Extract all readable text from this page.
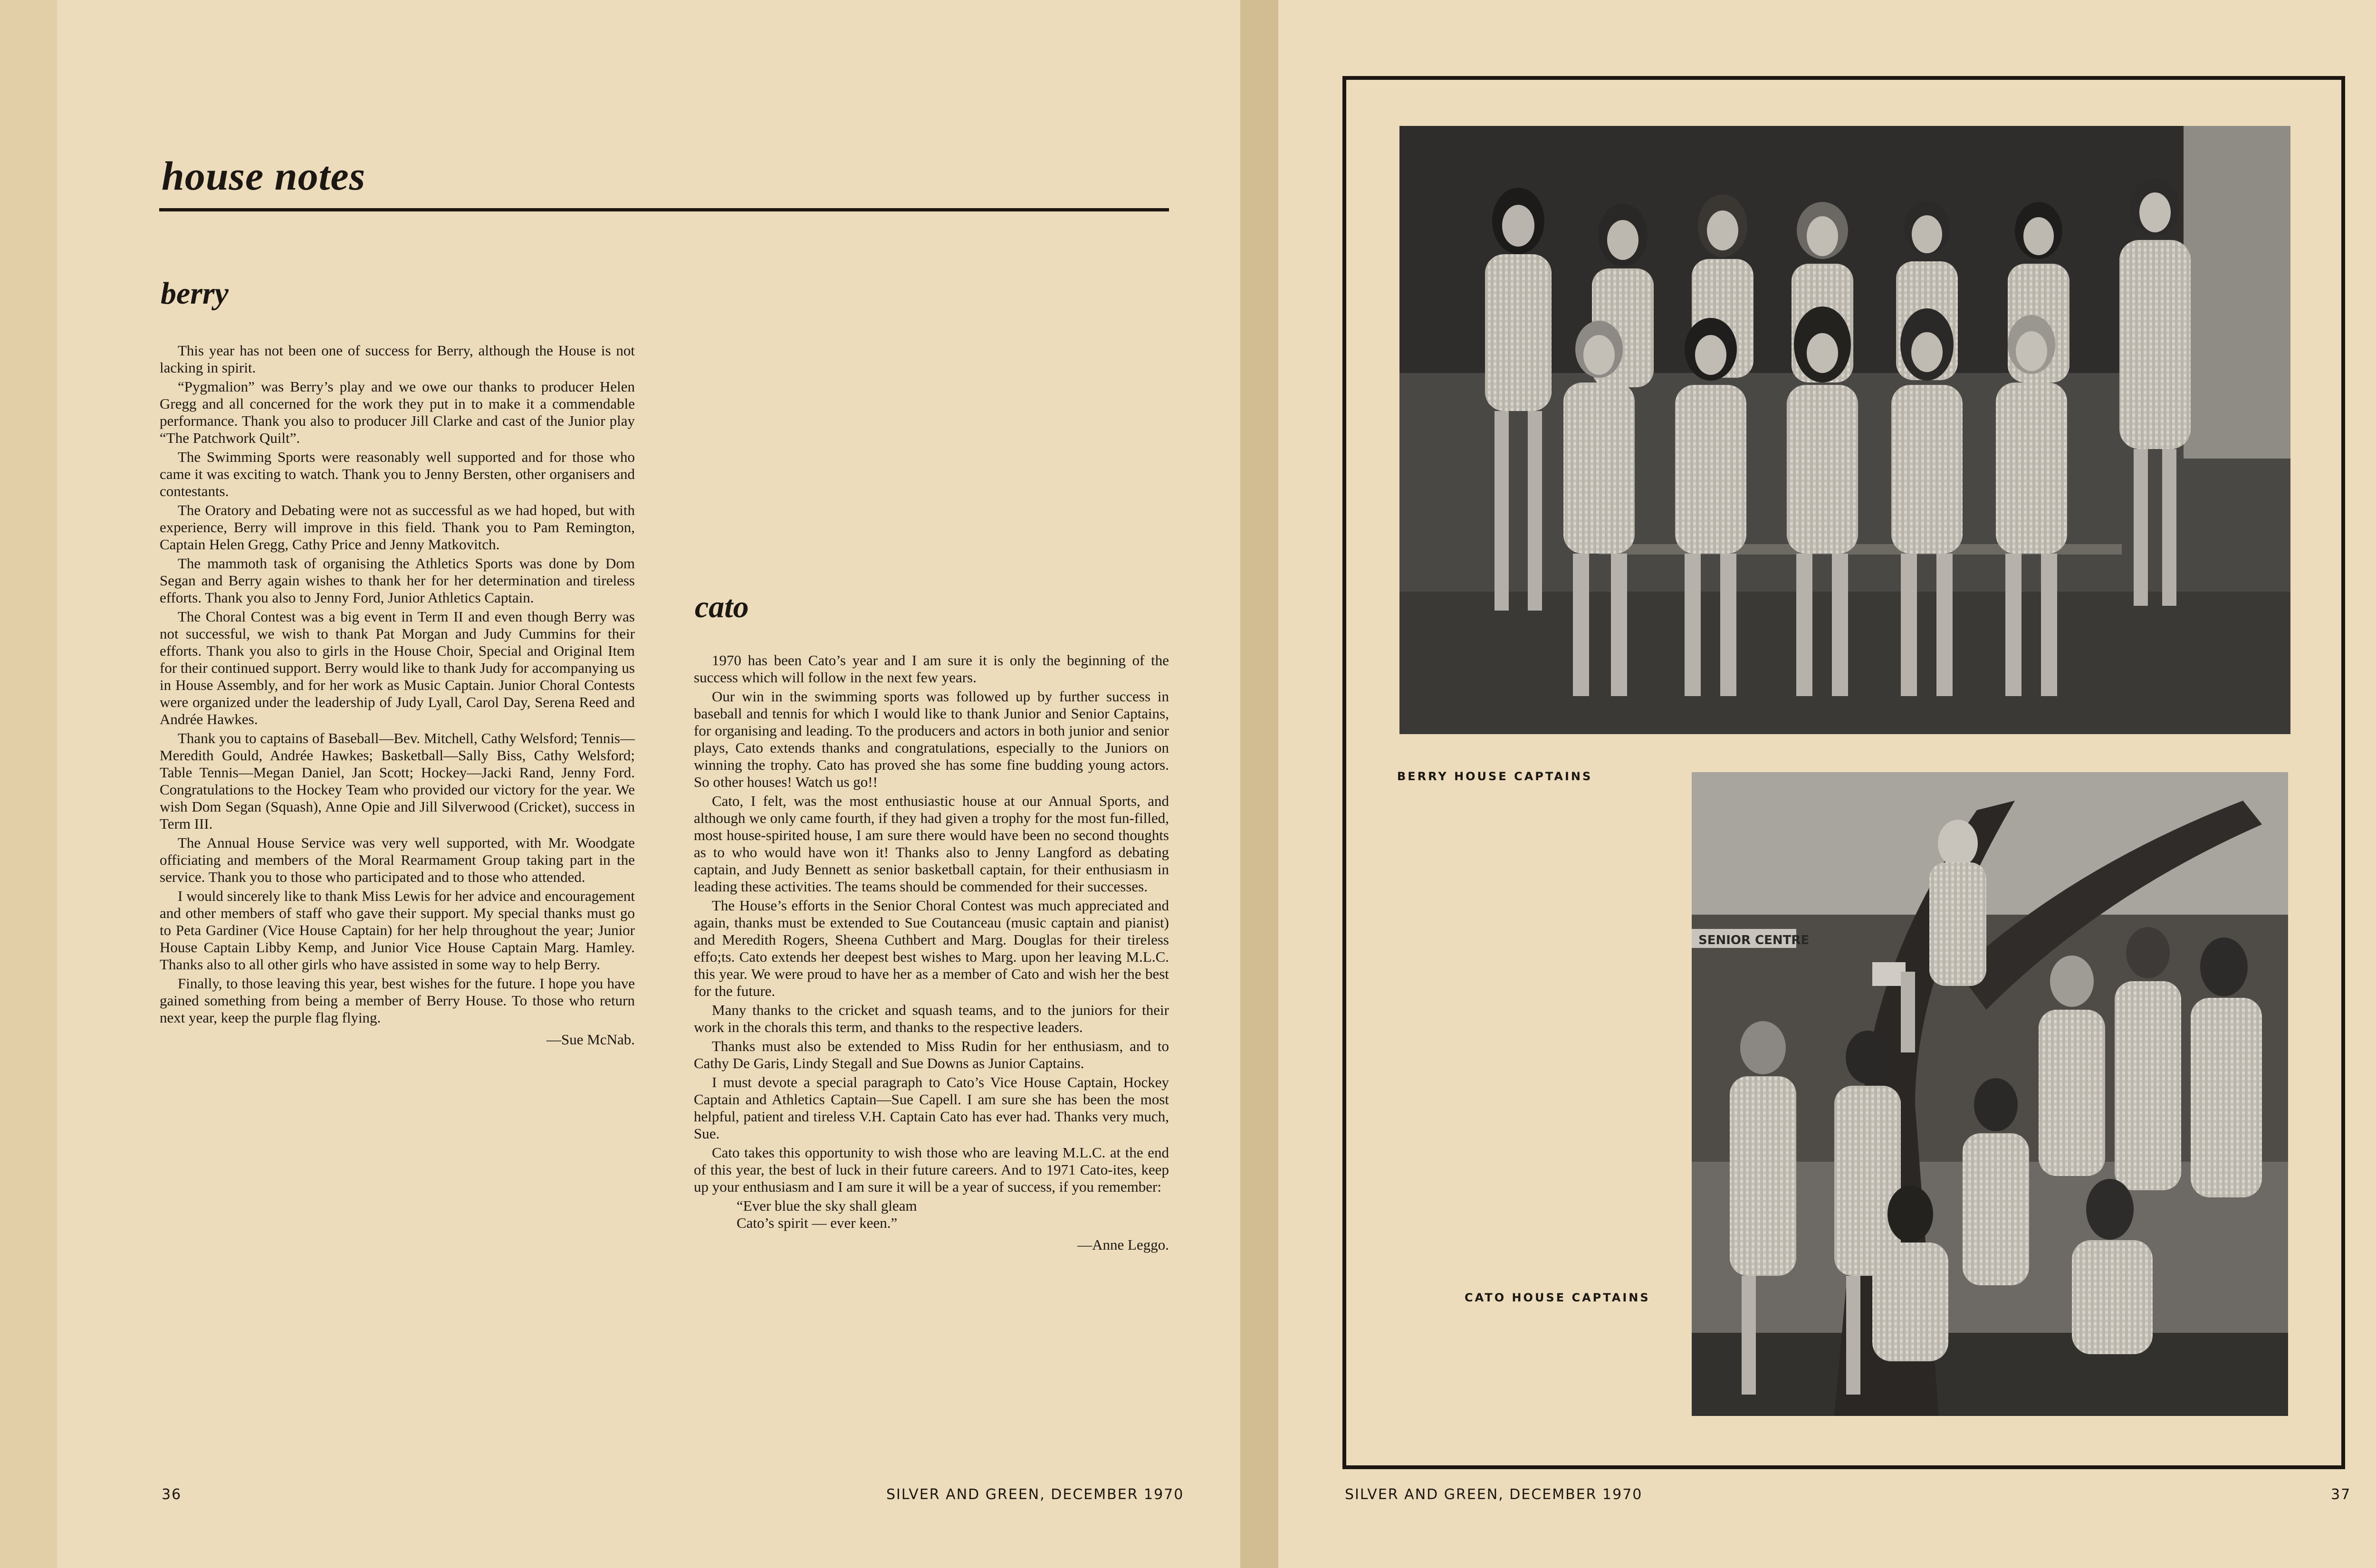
house notes
berry

This year has not been one of success for Berry, although the House is not lacking in spirit.

“Pygmalion” was Berry’s play and we owe our thanks to producer Helen Gregg and all concerned for the work they put in to make it a commendable performance. Thank you also to producer Jill Clarke and cast of the Junior play “The Patchwork Quilt”.

The Swimming Sports were reasonably well supported and for those who came it was exciting to watch. Thank you to Jenny Bersten, other organisers and contestants.

The Oratory and Debating were not as successful as we had hoped, but with experience, Berry will improve in this field. Thank you to Pam Remington, Captain Helen Gregg, Cathy Price and Jenny Matkovitch.

The mammoth task of organising the Athletics Sports was done by Dom Segan and Berry again wishes to thank her for her determination and tireless efforts. Thank you also to Jenny Ford, Junior Athletics Captain.

The Choral Contest was a big event in Term II and even though Berry was not successful, we wish to thank Pat Morgan and Judy Cummins for their efforts. Thank you also to girls in the House Choir, Special and Original Item for their continued support. Berry would like to thank Judy for accompanying us in House Assembly, and for her work as Music Captain. Junior Choral Contests were organized under the leadership of Judy Lyall, Carol Day, Serena Reed and Andrée Hawkes.

Thank you to captains of Baseball—Bev. Mitchell, Cathy Welsford; Tennis—Meredith Gould, Andrée Hawkes; Basketball—Sally Biss, Cathy Welsford; Table Tennis—Megan Daniel, Jan Scott; Hockey—Jacki Rand, Jenny Ford. Congratulations to the Hockey Team who provided our victory for the year. We wish Dom Segan (Squash), Anne Opie and Jill Silverwood (Cricket), success in Term III.

The Annual House Service was very well supported, with Mr. Woodgate officiating and members of the Moral Rearmament Group taking part in the service. Thank you to those who participated and to those who attended.

I would sincerely like to thank Miss Lewis for her advice and encouragement and other members of staff who gave their support. My special thanks must go to Peta Gardiner (Vice House Captain) for her help throughout the year; Junior House Captain Libby Kemp, and Junior Vice House Captain Marg. Hamley. Thanks also to all other girls who have assisted in some way to help Berry.

Finally, to those leaving this year, best wishes for the future. I hope you have gained something from being a member of Berry House. To those who return next year, keep the purple flag flying.

—Sue McNab.

cato

1970 has been Cato’s year and I am sure it is only the beginning of the success which will follow in the next few years.

Our win in the swimming sports was followed up by further success in baseball and tennis for which I would like to thank Junior and Senior Captains, for organising and leading. To the producers and actors in both junior and senior plays, Cato extends thanks and congratulations, especially to the Juniors on winning the trophy. Cato has proved she has some fine budding young actors. So other houses! Watch us go!!

Cato, I felt, was the most enthusiastic house at our Annual Sports, and although we only came fourth, if they had given a trophy for the most fun-filled, most house-spirited house, I am sure there would have been no second thoughts as to who would have won it! Thanks also to Jenny Langford as debating captain, and Judy Bennett as senior basketball captain, for their enthusiasm in leading these activities. The teams should be commended for their successes.

The House’s efforts in the Senior Choral Contest was much appreciated and again, thanks must be extended to Sue Coutanceau (music captain and pianist) and Meredith Rogers, Sheena Cuthbert and Marg. Douglas for their tireless effo;ts. Cato extends her deepest best wishes to Marg. upon her leaving M.L.C. this year. We were proud to have her as a member of Cato and wish her the best for the future.

Many thanks to the cricket and squash teams, and to the juniors for their work in the chorals this term, and thanks to the respective leaders.

Thanks must also be extended to Miss Rudin for her enthusiasm, and to Cathy De Garis, Lindy Stegall and Sue Downs as Junior Captains.

I must devote a special paragraph to Cato’s Vice House Captain, Hockey Captain and Athletics Captain—Sue Capell. I am sure she has been the most helpful, patient and tireless V.H. Captain Cato has ever had. Thanks very much, Sue.

Cato takes this opportunity to wish those who are leaving M.L.C. at the end of this year, the best of luck in their future careers. And to 1971 Cato-ites, keep up your enthusiasm and I am sure it will be a year of success, if you remember:

“Ever blue the sky shall gleam

Cato’s spirit — ever keen.”

—Anne Leggo.

36	SILVER AND GREEN, DECEMBER 1970
BERRY HOUSE CAPTAINS
SENIOR CENTRE
CATO HOUSE CAPTAINS
SILVER AND GREEN, DECEMBER 1970	37
